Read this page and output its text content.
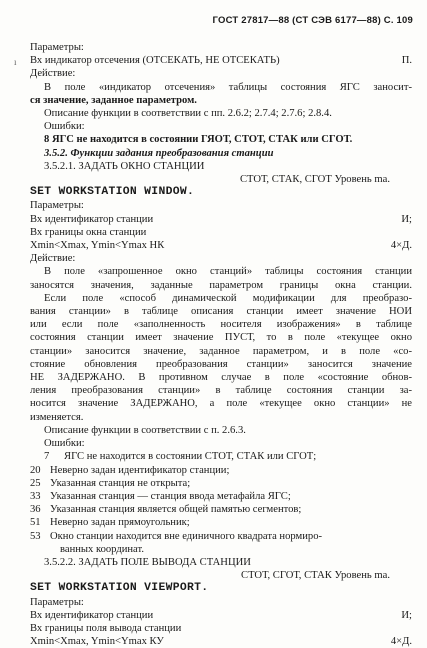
ГОСТ 27817—88 (СТ СЭВ 6177—88) С. 109
ı
Параметры:
Вх индикатор отсечения (ОТСЕКАТЬ, НЕ ОТСЕКАТЬ)	П.
Действие:
В поле «индикатор отсечения» таблицы состояния ЯГС заносит-
ся значение, заданное параметром.
Описание функции в соответствии с пп. 2.6.2; 2.7.4; 2.7.6; 2.8.4.
Ошибки:
8 ЯГС не находится в состоянии ГЯОТ, СТОТ, СТАК или СГОТ.
3.5.2. Функции задания преобразования станции
3.5.2.1. ЗАДАТЬ ОКНО СТАНЦИИ
СТОТ, СТАК, СГОТ Уровень ma.
SET WORKSTATION WINDOW.
Параметры:
Вх идентификатор станции	И;
Вх границы окна станции
Xmin<Xmax, Ymin<Ymax НК	4×Д.
Действие:
В поле «запрошенное окно станций» таблицы состояния станции
заносятся значения, заданные параметром границы окна станции.
Если поле «способ динамической модификации для преобразо-
вания станции» в таблице описания станции имеет значение НОИ
или если поле «заполненность носителя изображения» в таблице
состояния станции имеет значение ПУСТ, то в поле «текущее окно
станции» заносится значение, заданное параметром, и в поле «со-
стояние обновления преобразования станции» заносится значение
НЕ ЗАДЕРЖАНО. В противном случае в поле «состояние обнов-
ления преобразования станции» в таблице состояния станции за-
носится значение ЗАДЕРЖАНО, а поле «текущее окно станции» не
изменяется.
Описание функции в соответствии с п. 2.6.3.
Ошибки:
7	ЯГС не находится в состоянии СТОТ, СТАК или СГОТ;
20 Неверно задан идентификатор станции;
25 Указанная станция не открыта;
33 Указанная станция — станция ввода метафайла ЯГС;
36 Указанная станция является общей памятью сегментов;
51 Неверно задан прямоугольник;
53 Окно станции находится вне единичного квадрата нормиро-
ванных координат.
3.5.2.2. ЗАДАТЬ ПОЛЕ ВЫВОДА СТАНЦИИ
СТОТ, СГОТ, СТАК Уровень ma.
SET WORKSTATION VIEWPORT.
Параметры:
Вх идентификатор станции	И;
Вх границы поля вывода станции
Xmin<Xmax, Ymin<Ymax КУ	4×Д.
